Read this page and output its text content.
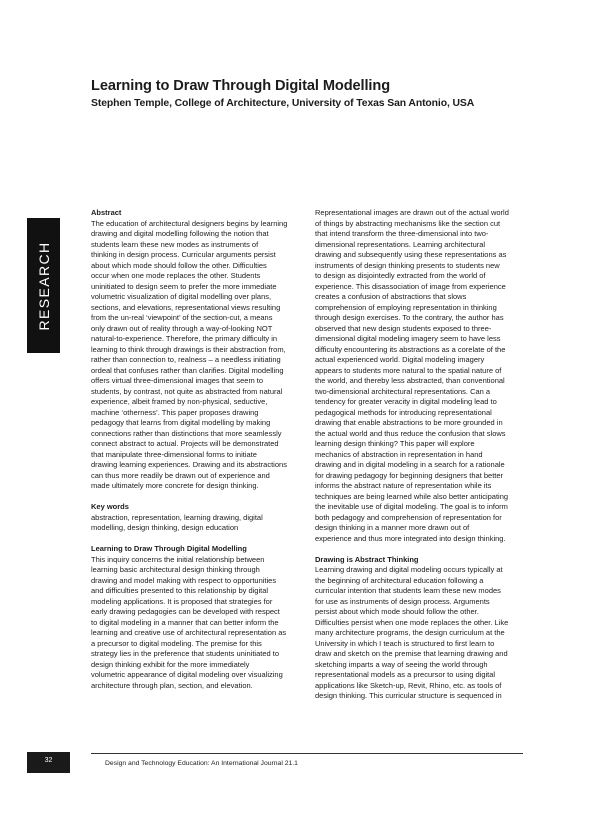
Learning to Draw Through Digital Modelling
Stephen Temple, College of Architecture, University of Texas San Antonio, USA
RESEARCH
Abstract

The education of architectural designers begins by learning
drawing and digital modelling following the notion that
students learn these new modes as instruments of
thinking in design process. Curricular arguments persist
about which mode should follow the other. Difficulties
occur when one mode replaces the other. Students
uninitiated to design seem to prefer the more immediate
volumetric visualization of digital modelling over plans,
sections, and elevations, representational views resulting
from the un-real ‘viewpoint’ of the section-cut, a means
only drawn out of reality through a way-of-looking NOT
natural-to-experience. Therefore, the primary difficulty in
learning to think through drawings is their abstraction from,
rather than connection to, realness – a needless initiating
ordeal that confuses rather than clarifies. Digital modelling
offers virtual three-dimensional images that seem to
students, by contrast, not quite as abstracted from natural
experience, albeit framed by non-physical, seductive,
machine ‘otherness’. This paper proposes drawing
pedagogy that learns from digital modelling by making
connections rather than distinctions that more seamlessly
connect abstract to actual. Projects will be demonstrated
that manipulate three-dimensional forms to initiate
drawing learning experiences. Drawing and its abstractions
can thus more readily be drawn out of experience and
made ultimately more concrete for design thinking.

Key words

abstraction, representation, learning drawing, digital
modelling, design thinking, design education

Learning to Draw Through Digital Modelling

This inquiry concerns the initial relationship between
learning basic architectural design thinking through
drawing and model making with respect to opportunities
and difficulties presented to this relationship by digital
modeling applications. It is proposed that strategies for
early drawing pedagogies can be developed with respect
to digital modeling in a manner that can better inform the
learning and creative use of architectural representation as
a precursor to digital modeling. The premise for this
strategy lies in the preference that students uninitiated to
design thinking exhibit for the more immediately
volumetric appearance of digital modeling over visualizing
architecture through plan, section, and elevation.

Representational images are drawn out of the actual world
of things by abstracting mechanisms like the section cut
that intend transform the three-dimensional into two-
dimensional representations. Learning architectural
drawing and subsequently using these representations as
instruments of design thinking presents to students new
to design as disjointedly extracted from the world of
experience. This disassociation of image from experience
creates a confusion of abstractions that slows
comprehension of employing representation in thinking
through design exercises. To the contrary, the author has
observed that new design students exposed to three-
dimensional digital modeling imagery seem to have less
difficulty encountering its abstractions as a corelate of the
actual experienced world. Digital modeling imagery
appears to students more natural to the spatial nature of
the world, and thereby less abstracted, than conventional
two-dimensional architectural representations. Can a
tendency for greater veracity in digital modeling lead to
pedagogical methods for introducing representational
drawing that enable abstractions to be more grounded in
the actual world and thus reduce the confusion that slows
learning design thinking? This paper will explore
mechanics of abstraction in representation in hand
drawing and in digital modeling in a search for a rationale
for drawing pedagogy for beginning designers that better
informs the abstract nature of representation while its
techniques are being learned while also better anticipating
the inevitable use of digital modeling. The goal is to inform
both pedagogy and comprehension of representation for
design thinking in a manner more drawn out of
experience and thus more integrated into design thinking.

Drawing is Abstract Thinking

Learning drawing and digital modeling occurs typically at
the beginning of architectural education following a
curricular intention that students learn these new modes
for use as instruments of design process. Arguments
persist about which mode should follow the other.
Difficulties persist when one mode replaces the other. Like
many architecture programs, the design curriculum at the
University in which I teach is structured to first learn to
draw and sketch on the premise that learning drawing and
sketching imparts a way of seeing the world through
representational models as a precursor to using digital
applications like Sketch-up, Revit, Rhino, etc. as tools of
design thinking. This curricular structure is sequenced in

32	Design and Technology Education: An International Journal 21.1
